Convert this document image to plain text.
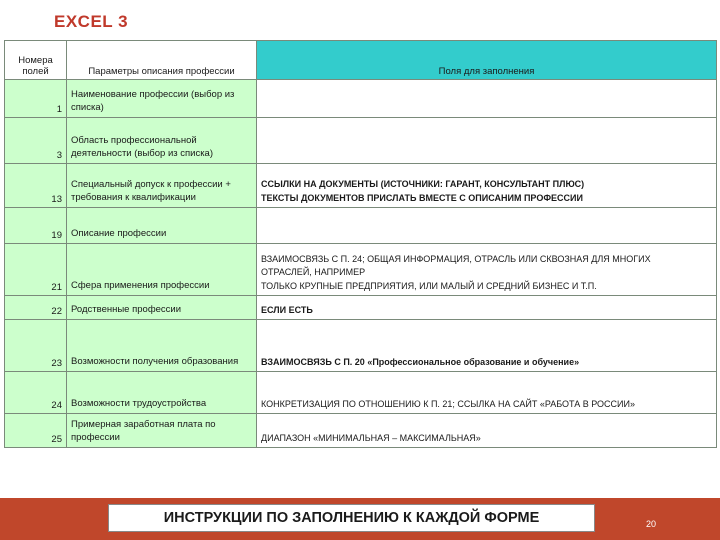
EXCEL 3
Номера полей	Параметры описания профессии	Поля для заполнения
1	Наименование профессии (выбор из списка)	

3	Область профессиональной деятельности (выбор из списка)	

13	Специальный допуск к профессии + требования к квалификации	ССЫЛКИ НА ДОКУМЕНТЫ (ИСТОЧНИКИ: ГАРАНТ, КОНСУЛЬТАНТ ПЛЮС)
ТЕКСТЫ ДОКУМЕНТОВ ПРИСЛАТЬ ВМЕСТЕ С ОПИСАНИМ ПРОФЕССИИ

19	Описание профессии	

21	Сфера применения профессии	ВЗАИМОСВЯЗЬ С П. 24; ОБЩАЯ ИНФОРМАЦИЯ, ОТРАСЛЬ ИЛИ СКВОЗНАЯ ДЛЯ МНОГИХ
ОТРАСЛЕЙ, НАПРИМЕР
ТОЛЬКО КРУПНЫЕ ПРЕДПРИЯТИЯ, ИЛИ МАЛЫЙ И СРЕДНИЙ БИЗНЕС И Т.П.

22	Родственные профессии	ЕСЛИ ЕСТЬ

23	Возможности получения образования	ВЗАИМОСВЯЗЬ С П. 20 «Профессиональное образование и обучение»

24	Возможности трудоустройства	КОНКРЕТИЗАЦИЯ ПО ОТНОШЕНИЮ К П. 21; ССЫЛКА НА САЙТ «РАБОТА В РОССИИ»

25	Примерная заработная плата по профессии	ДИАПАЗОН «МИНИМАЛЬНАЯ – МАКСИМАЛЬНАЯ»
ИНСТРУКЦИИ ПО ЗАПОЛНЕНИЮ К КАЖДОЙ ФОРМЕ	20
